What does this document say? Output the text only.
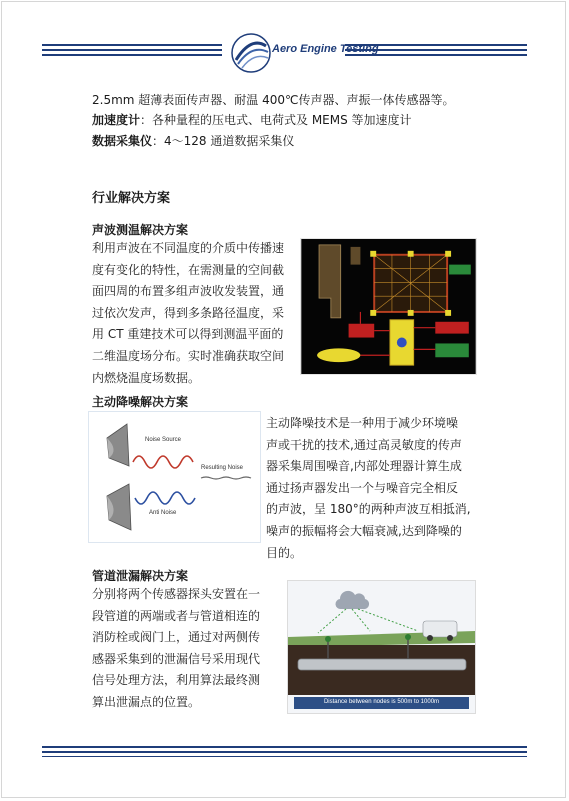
Aero Engine Testing
2.5mm 超薄表面传声器、耐温 400℃传声器、声振一体传感器等。
加速度计：各种量程的压电式、电荷式及 MEMS 等加速度计
数据采集仪：4～128 通道数据采集仪
行业解决方案
声波测温解决方案
利用声波在不同温度的介质中传播速
度有变化的特性，在需测量的空间截
面四周的布置多组声波收发装置，通
过依次发声，得到多条路径温度，采
用 CT 重建技术可以得到测温平面的
二维温度场分布。实时准确获取空间
内燃烧温度场数据。
主动降噪解决方案
Noise Source
Resulting Noise
Anti Noise
主动降噪技术是一种用于减少环境噪
声或干扰的技术,通过高灵敏度的传声
器采集周围噪音,内部处理器计算生成
通过扬声器发出一个与噪音完全相反
的声波，呈 180°的两种声波互相抵消,
噪声的振幅将会大幅衰减,达到降噪的
目的。
管道泄漏解决方案
分别将两个传感器探头安置在一
段管道的两端或者与管道相连的
消防栓或阀门上，通过对两侧传
感器采集到的泄漏信号采用现代
信号处理方法，利用算法最终测
算出泄漏点的位置。	Distance between nodes is 500m to 1000m
